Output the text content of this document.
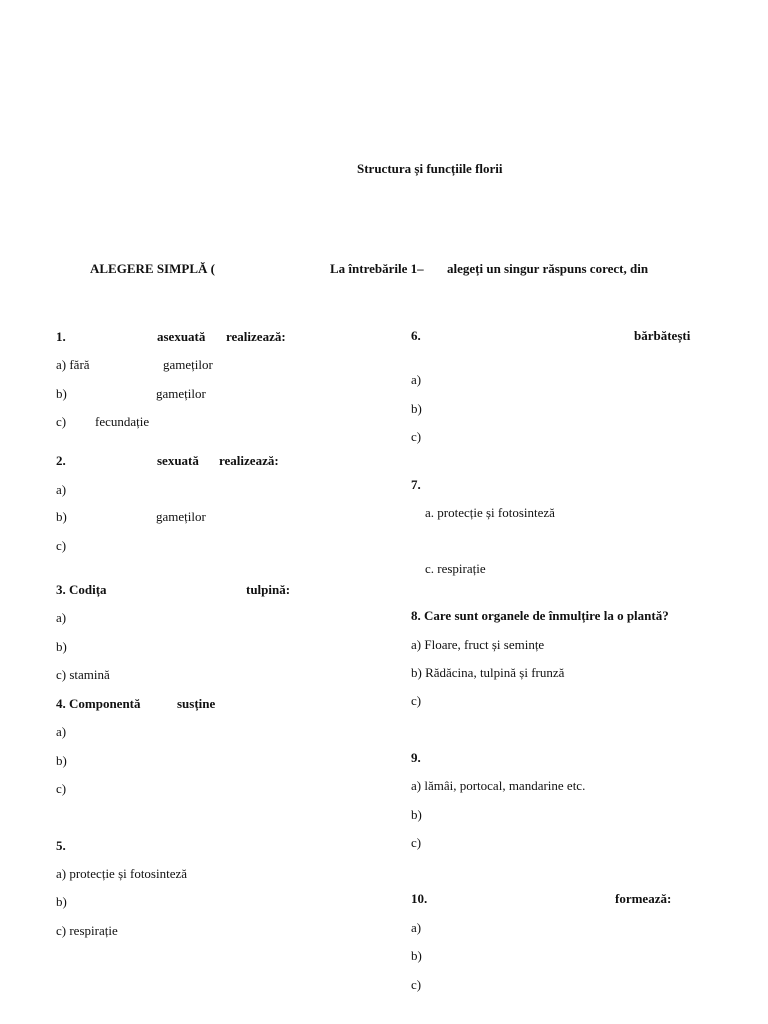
Structura și funcțiile florii
ALEGERE SIMPLĂ (	La întrebările 1– alegeți un singur răspuns corect, din
1.	asexuată realizează:
a) fără	gameților
b)	gameților
c) fecundație
2.	sexuată realizează:
a)
b)	gameților
c)
3. Codița	tulpină:
a)
b)
c) stamină
4. Componentă	susține
a)
b)
c)
5.
a) protecție și fotosinteză
b)
c) respirație
6.	bărbătești
a)
b)
c)
7.
a. protecție și fotosinteză
c. respirație
8. Care sunt organele de înmulțire la o plantă?
a) Floare, fruct și semințe
b) Rădăcina, tulpină și frunză
c)
9.
a) lămâi, portocal, mandarine etc.
b)
c)
10.	formează:
a)
b)
c)
